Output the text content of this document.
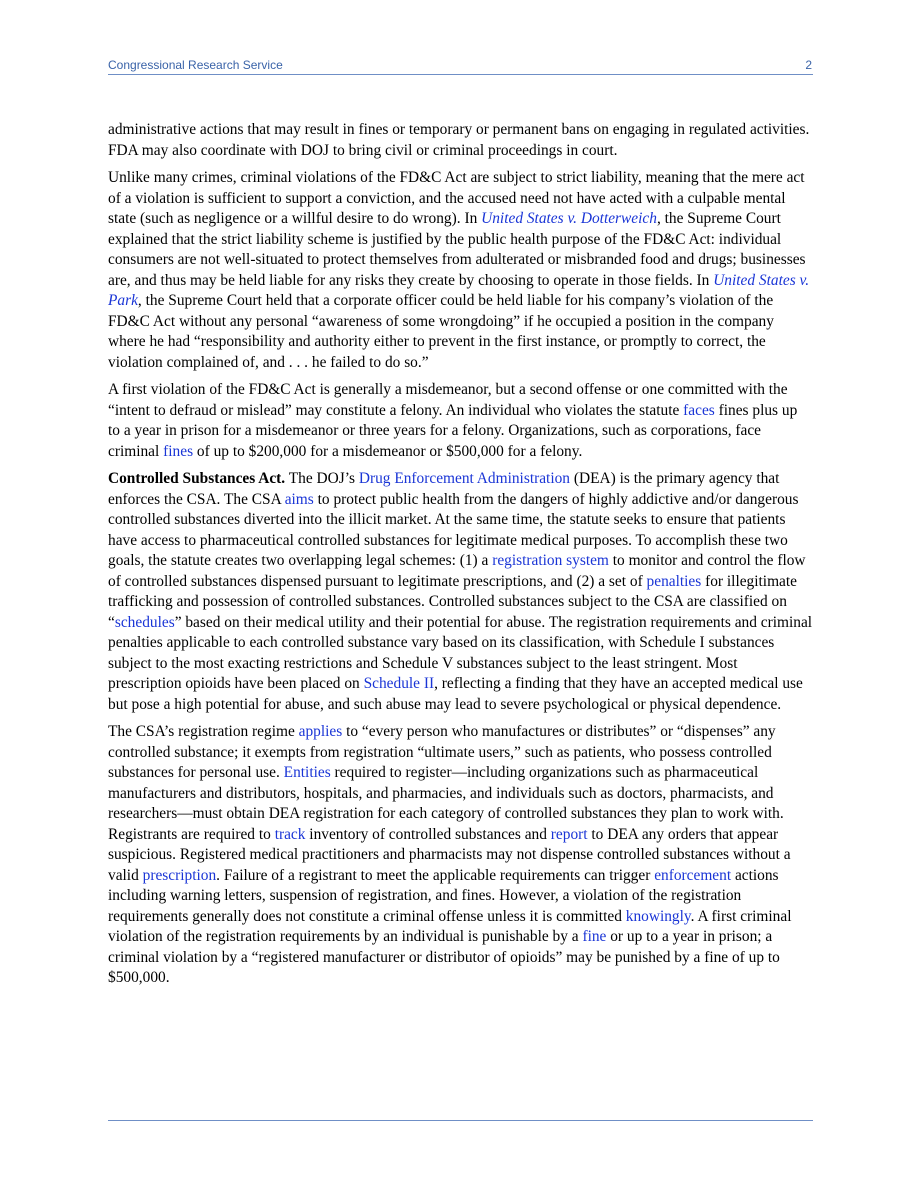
Congressional Research Service	2

administrative actions that may result in fines or temporary or permanent bans on engaging in regulated activities. FDA may also coordinate with DOJ to bring civil or criminal proceedings in court.

Unlike many crimes, criminal violations of the FD&C Act are subject to strict liability, meaning that the mere act of a violation is sufficient to support a conviction, and the accused need not have acted with a culpable mental state (such as negligence or a willful desire to do wrong). In United States v. Dotterweich, the Supreme Court explained that the strict liability scheme is justified by the public health purpose of the FD&C Act: individual consumers are not well-situated to protect themselves from adulterated or misbranded food and drugs; businesses are, and thus may be held liable for any risks they create by choosing to operate in those fields. In United States v. Park, the Supreme Court held that a corporate officer could be held liable for his company’s violation of the FD&C Act without any personal “awareness of some wrongdoing” if he occupied a position in the company where he had “responsibility and authority either to prevent in the first instance, or promptly to correct, the violation complained of, and . . . he failed to do so.”

A first violation of the FD&C Act is generally a misdemeanor, but a second offense or one committed with the “intent to defraud or mislead” may constitute a felony. An individual who violates the statute faces fines plus up to a year in prison for a misdemeanor or three years for a felony. Organizations, such as corporations, face criminal fines of up to $200,000 for a misdemeanor or $500,000 for a felony.

Controlled Substances Act. The DOJ’s Drug Enforcement Administration (DEA) is the primary agency that enforces the CSA. The CSA aims to protect public health from the dangers of highly addictive and/or dangerous controlled substances diverted into the illicit market. At the same time, the statute seeks to ensure that patients have access to pharmaceutical controlled substances for legitimate medical purposes. To accomplish these two goals, the statute creates two overlapping legal schemes: (1) a registration system to monitor and control the flow of controlled substances dispensed pursuant to legitimate prescriptions, and (2) a set of penalties for illegitimate trafficking and possession of controlled substances. Controlled substances subject to the CSA are classified on “schedules” based on their medical utility and their potential for abuse. The registration requirements and criminal penalties applicable to each controlled substance vary based on its classification, with Schedule I substances subject to the most exacting restrictions and Schedule V substances subject to the least stringent. Most prescription opioids have been placed on Schedule II, reflecting a finding that they have an accepted medical use but pose a high potential for abuse, and such abuse may lead to severe psychological or physical dependence.

The CSA’s registration regime applies to “every person who manufactures or distributes” or “dispenses” any controlled substance; it exempts from registration “ultimate users,” such as patients, who possess controlled substances for personal use. Entities required to register—including organizations such as pharmaceutical manufacturers and distributors, hospitals, and pharmacies, and individuals such as doctors, pharmacists, and researchers—must obtain DEA registration for each category of controlled substances they plan to work with. Registrants are required to track inventory of controlled substances and report to DEA any orders that appear suspicious. Registered medical practitioners and pharmacists may not dispense controlled substances without a valid prescription. Failure of a registrant to meet the applicable requirements can trigger enforcement actions including warning letters, suspension of registration, and fines. However, a violation of the registration requirements generally does not constitute a criminal offense unless it is committed knowingly. A first criminal violation of the registration requirements by an individual is punishable by a fine or up to a year in prison; a criminal violation by a “registered manufacturer or distributor of opioids” may be punished by a fine of up to $500,000.
